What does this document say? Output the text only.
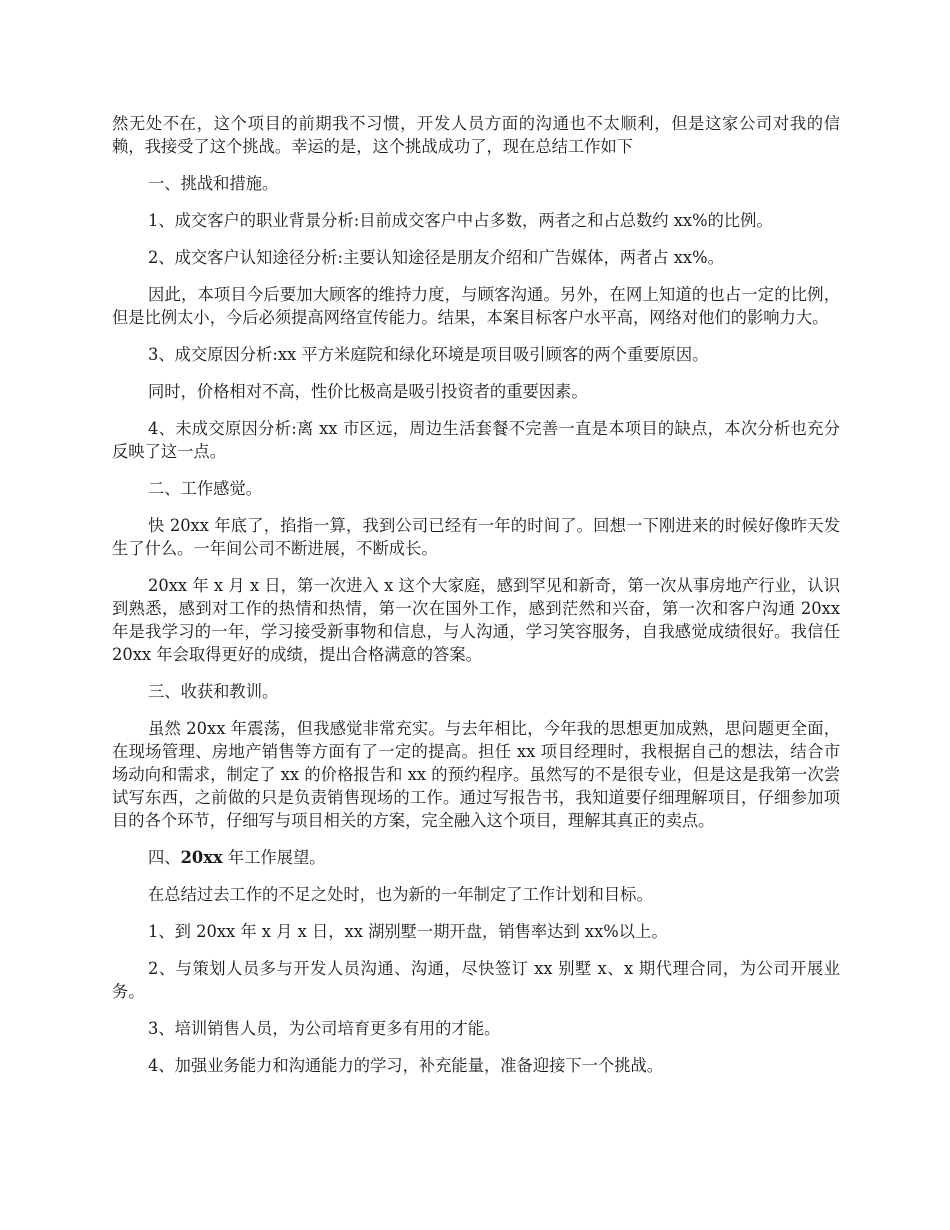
然无处不在，这个项目的前期我不习惯，开发人员方面的沟通也不太顺利，但是这家公司对我的信赖，我接受了这个挑战。幸运的是，这个挑战成功了，现在总结工作如下

一、挑战和措施。

1、成交客户的职业背景分析:目前成交客户中占多数，两者之和占总数约 xx%的比例。

2、成交客户认知途径分析:主要认知途径是朋友介绍和广告媒体，两者占 xx%。

因此，本项目今后要加大顾客的维持力度，与顾客沟通。另外，在网上知道的也占一定的比例，但是比例太小，今后必须提高网络宣传能力。结果，本案目标客户水平高，网络对他们的影响力大。

3、成交原因分析:xx 平方米庭院和绿化环境是项目吸引顾客的两个重要原因。

同时，价格相对不高，性价比极高是吸引投资者的重要因素。

4、未成交原因分析:离 xx 市区远，周边生活套餐不完善一直是本项目的缺点，本次分析也充分反映了这一点。

二、工作感觉。

快 20xx 年底了，掐指一算，我到公司已经有一年的时间了。回想一下刚进来的时候好像昨天发生了什么。一年间公司不断进展，不断成长。

20xx 年 x 月 x 日，第一次进入 x 这个大家庭，感到罕见和新奇，第一次从事房地产行业，认识到熟悉，感到对工作的热情和热情，第一次在国外工作，感到茫然和兴奋，第一次和客户沟通 20xx 年是我学习的一年，学习接受新事物和信息，与人沟通，学习笑容服务，自我感觉成绩很好。我信任 20xx 年会取得更好的成绩，提出合格满意的答案。

三、收获和教训。

虽然 20xx 年震荡，但我感觉非常充实。与去年相比，今年我的思想更加成熟，思问题更全面，在现场管理、房地产销售等方面有了一定的提高。担任 xx 项目经理时，我根据自己的想法，结合市场动向和需求，制定了 xx 的价格报告和 xx 的预约程序。虽然写的不是很专业，但是这是我第一次尝试写东西，之前做的只是负责销售现场的工作。通过写报告书，我知道要仔细理解项目，仔细参加项目的各个环节，仔细写与项目相关的方案，完全融入这个项目，理解其真正的卖点。

四、20xx 年工作展望。

在总结过去工作的不足之处时，也为新的一年制定了工作计划和目标。

1、到 20xx 年 x 月 x 日，xx 湖别墅一期开盘，销售率达到 xx%以上。

2、与策划人员多与开发人员沟通、沟通，尽快签订 xx 别墅 x、x 期代理合同，为公司开展业务。

3、培训销售人员，为公司培育更多有用的才能。

4、加强业务能力和沟通能力的学习，补充能量，准备迎接下一个挑战。
